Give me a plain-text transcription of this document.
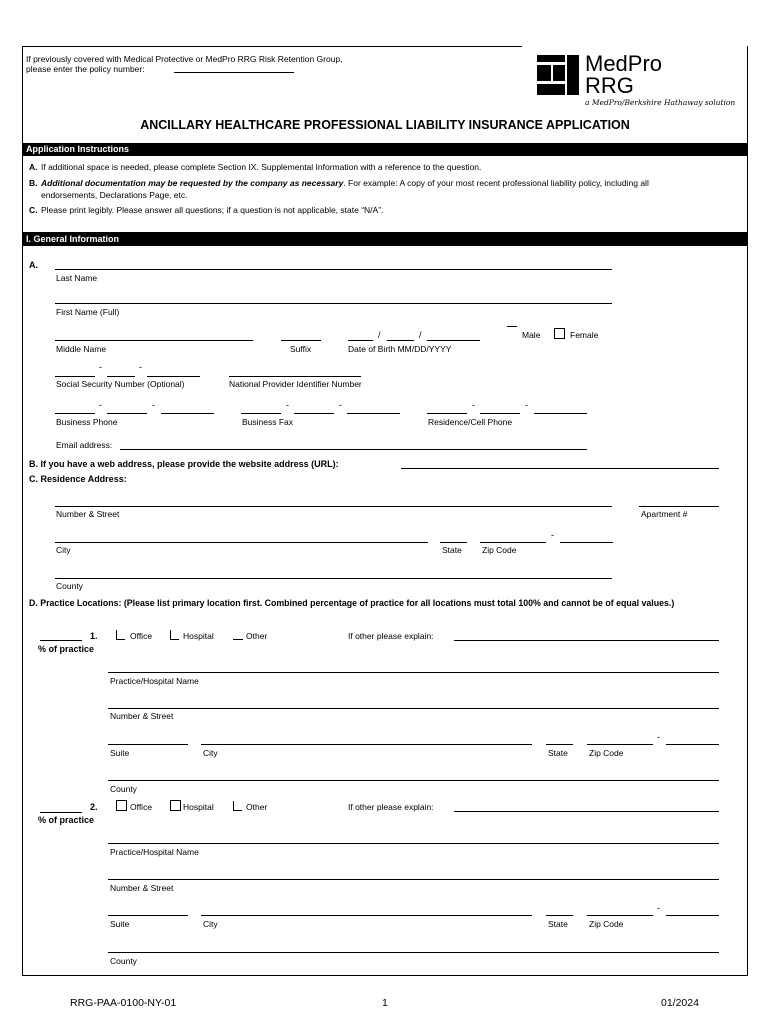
If previously covered with Medical Protective or MedPro RRG Risk Retention Group,
please enter the policy number:	MedPro
RRG
a MedPro/Berkshire Hathaway solution
ANCILLARY HEALTHCARE PROFESSIONAL LIABILITY INSURANCE APPLICATION
Application Instructions
A. If additional space is needed, please complete Section IX. Supplemental Information with a reference to the question.
B. Additional documentation may be requested by the company as necessary. For example: A copy of your most recent professional liability policy, including all
endorsements, Declarations Page, etc.
C. Please print legibly. Please answer all questions; if a question is not applicable, state “N/A”.
I. General Information
A.
Last Name
First Name (Full)
/	/	Male	Female
Middle Name	Suffix	Date of Birth MM/DD/YYYY
-	-
Social Security Number (Optional)	National Provider Identifier Number
-	-	-	-	-	-
Business Phone	Business Fax	Residence/Cell Phone
Email address:
B. If you have a web address, please provide the website address (URL):
C. Residence Address:
Number & Street	Apartment #
-
City	State Zip Code
County
D. Practice Locations: (Please list primary location first. Combined percentage of practice for all locations must total 100% and cannot be of equal values.)
1.
% of practice
Office	Hospital	Other	If other please explain:
Practice/Hospital Name
Number & Street
-
Suite	City	State Zip Code
County
2.
% of practice
Office	Hospital	Other	If other please explain:
Practice/Hospital Name
Number & Street
-
Suite	City	State Zip Code
County
RRG-PAA-0100-NY-01	1	01/2024
